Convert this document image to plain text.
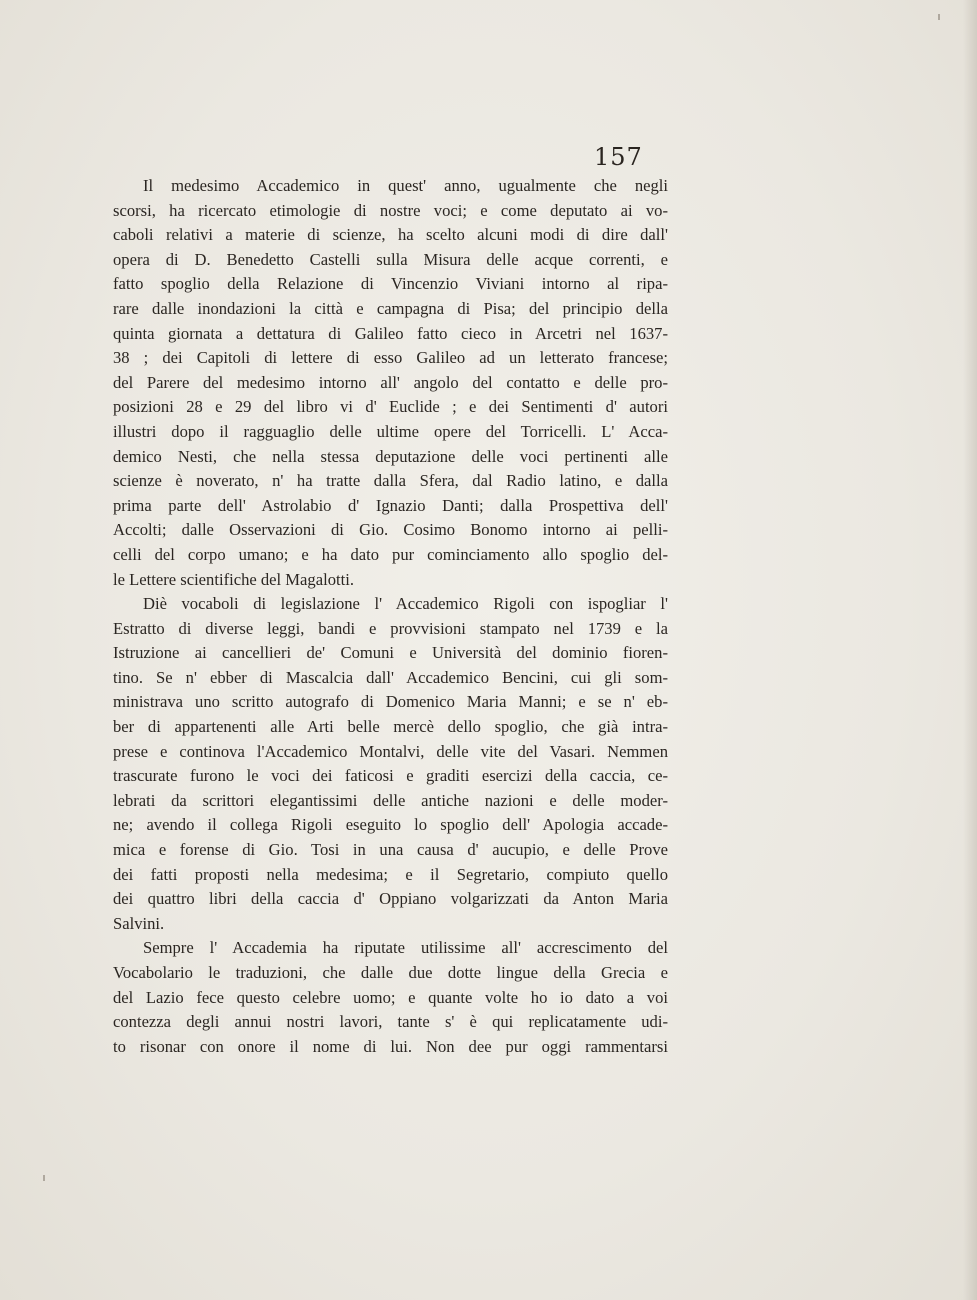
157
Il medesimo Accademico in quest' anno, ugualmente che negli
scorsi, ha ricercato etimologie di nostre voci; e come deputato ai vo-
caboli relativi a materie di scienze, ha scelto alcuni modi di dire dall'
opera di D. Benedetto Castelli sulla Misura delle acque correnti, e
fatto spoglio della Relazione di Vincenzio Viviani intorno al ripa-
rare dalle inondazioni la città e campagna di Pisa; del principio della
quinta giornata a dettatura di Galileo fatto cieco in Arcetri nel 1637-
38 ; dei Capitoli di lettere di esso Galileo ad un letterato francese;
del Parere del medesimo intorno all' angolo del contatto e delle pro-
posizioni 28 e 29 del libro vi d' Euclide ; e dei Sentimenti d' autori
illustri dopo il ragguaglio delle ultime opere del Torricelli. L' Acca-
demico Nesti, che nella stessa deputazione delle voci pertinenti alle
scienze è noverato, n' ha tratte dalla Sfera, dal Radio latino, e dalla
prima parte dell' Astrolabio d' Ignazio Danti; dalla Prospettiva dell'
Accolti; dalle Osservazioni di Gio. Cosimo Bonomo intorno ai pelli-
celli del corpo umano; e ha dato pur cominciamento allo spoglio del-
le Lettere scientifiche del Magalotti.
Diè vocaboli di legislazione l' Accademico Rigoli con ispogliar l'
Estratto di diverse leggi, bandi e provvisioni stampato nel 1739 e la
Istruzione ai cancellieri de' Comuni e Università del dominio fioren-
tino. Se n' ebber di Mascalcia dall' Accademico Bencini, cui gli som-
ministrava uno scritto autografo di Domenico Maria Manni; e se n' eb-
ber di appartenenti alle Arti belle mercè dello spoglio, che già intra-
prese e continova l'Accademico Montalvi, delle vite del Vasari. Nemmen
trascurate furono le voci dei faticosi e graditi esercizi della caccia, ce-
lebrati da scrittori elegantissimi delle antiche nazioni e delle moder-
ne; avendo il collega Rigoli eseguito lo spoglio dell' Apologia accade-
mica e forense di Gio. Tosi in una causa d' aucupio, e delle Prove
dei fatti proposti nella medesima; e il Segretario, compiuto quello
dei quattro libri della caccia d' Oppiano volgarizzati da Anton Maria
Salvini.
Sempre l' Accademia ha riputate utilissime all' accrescimento del
Vocabolario le traduzioni, che dalle due dotte lingue della Grecia e
del Lazio fece questo celebre uomo; e quante volte ho io dato a voi
contezza degli annui nostri lavori, tante s' è qui replicatamente udi-
to risonar con onore il nome di lui. Non dee pur oggi rammentarsi
